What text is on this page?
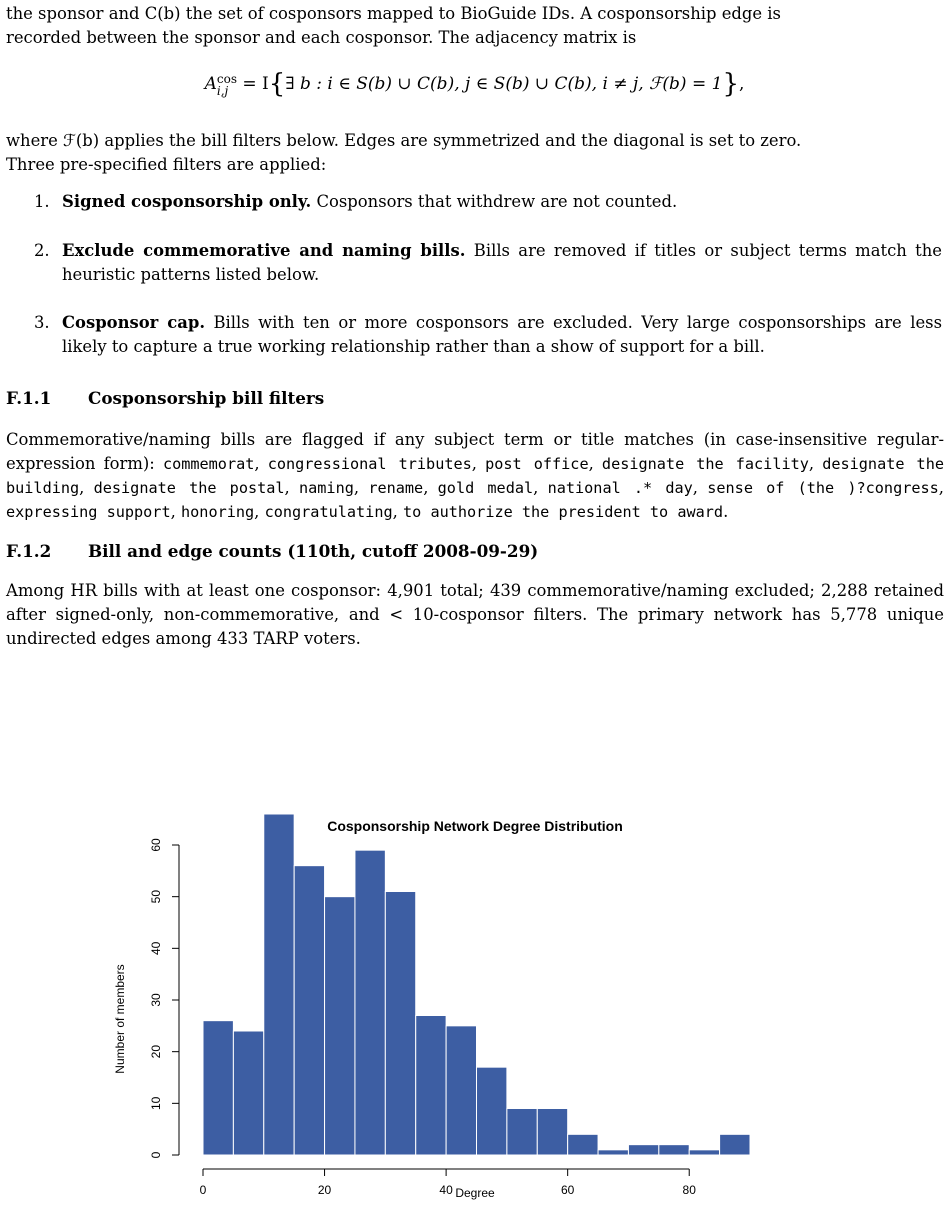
the sponsor and C(b) the set of cosponsors mapped to BioGuide IDs. A cosponsorship edge is
recorded between the sponsor and each cosponsor. The adjacency matrix is
A cos
i,j = I{∃ b : i ∈ S(b) ∪ C(b), j ∈ S(b) ∪ C(b), i ≠ j, ℱ(b) = 1},
where ℱ(b) applies the bill filters below. Edges are symmetrized and the diagonal is set to zero.
Three pre-specified filters are applied:
1. Signed cosponsorship only. Cosponsors that withdrew are not counted.
2. Exclude commemorative and naming bills. Bills are removed if titles or subject terms match the heuristic patterns listed below.
3. Cosponsor cap. Bills with ten or more cosponsors are excluded. Very large cosponsorships are less likely to capture a true working relationship rather than a show of support for a bill.
F.1.1 Cosponsorship bill filters
Commemorative/naming bills are flagged if any subject term or title matches (in case-insensitive regular-expression form): commemorat, congressional tributes, post office, designate the facility, designate the building, designate the postal, naming, rename, gold medal, national .* day, sense of (the )?congress, expressing support, honoring, congratulating, to authorize the president to award.
F.1.2 Bill and edge counts (110th, cutoff 2008-09-29)
Among HR bills with at least one cosponsor: 4,901 total; 439 commemorative/naming excluded; 2,288 retained after signed-only, non-commemorative, and < 10-cosponsor filters. The primary network has 5,778 unique undirected edges among 433 TARP voters.
0	20	40	60	80
0
10
20
30
40
50
60
Cosponsorship Network Degree Distribution
Degree
Number of members
